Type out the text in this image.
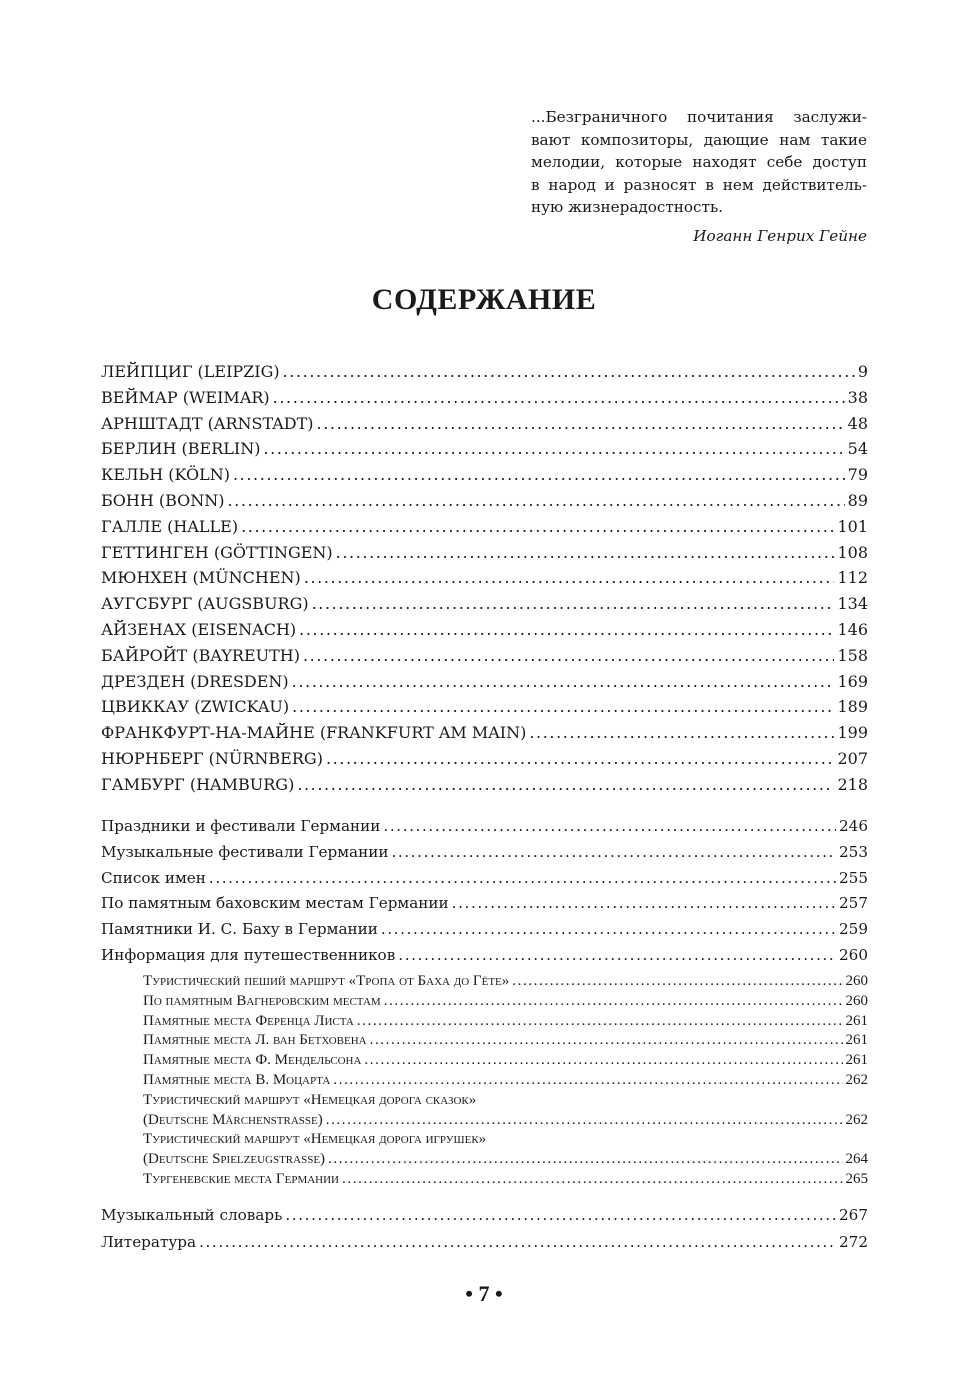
...Безграничного почитания заслужи-
вают композиторы, дающие нам такие
мелодии, которые находят себе доступ
в народ и разносят в нем действитель-
ную жизнерадостность.
Иоганн Генрих Гейне
СОДЕРЖАНИЕ
ЛЕЙПЦИГ (LEIPZIG) .....	9
ВЕЙМАР (WEIMAR) .....	38
АРНШТАДТ (ARNSTADT) .....	48
БЕРЛИН (BERLIN) .....	54
КЕЛЬН (KÖLN) .....	79
БОНН (BONN) .....	89
ГАЛЛЕ (HALLE) .....	101
ГЕТТИНГЕН (GÖTTINGEN) .....	108
МЮНХЕН (MÜNCHEN) .....	112
АУГСБУРГ (AUGSBURG) .....	134
АЙЗЕНАХ (EISENACH) .....	146
БАЙРОЙТ (BAYREUTH) .....	158
ДРЕЗДЕН (DRESDEN) .....	169
ЦВИККАУ (ZWICKAU) .....	189
ФРАНКФУРТ-НА-МАЙНЕ (FRANKFURT AM MAIN) .....	199
НЮРНБЕРГ (NÜRNBERG) .....	207
ГАМБУРГ (HAMBURG) .....	218
Праздники и фестивали Германии .....	246
Музыкальные фестивали Германии .....	253
Список имен .....	255
По памятным баховским местам Германии .....	257
Памятники И. С. Баху в Германии .....	259
Информация для путешественников .....	260
Туристический пеший маршрут «Тропа от Баха до Гёте» .....	260
По памятным Вагнеровским местам .....	260
Памятные места Ференца Листа .....	261
Памятные места Л. ван Бетховена .....	261
Памятные места Ф. Мендельсона .....	261
Памятные места В. Моцарта .....	262
Туристический маршрут «Немецкая дорога сказок»
(Deutsche Märchenstrasse) .....	262
Туристический маршрут «Немецкая дорога игрушек»
(Deutsche Spielzeugstrasse) .....	264
Тургеневские места Германии .....	265
Музыкальный словарь .....	267
Литература .....	272
• 7 •
